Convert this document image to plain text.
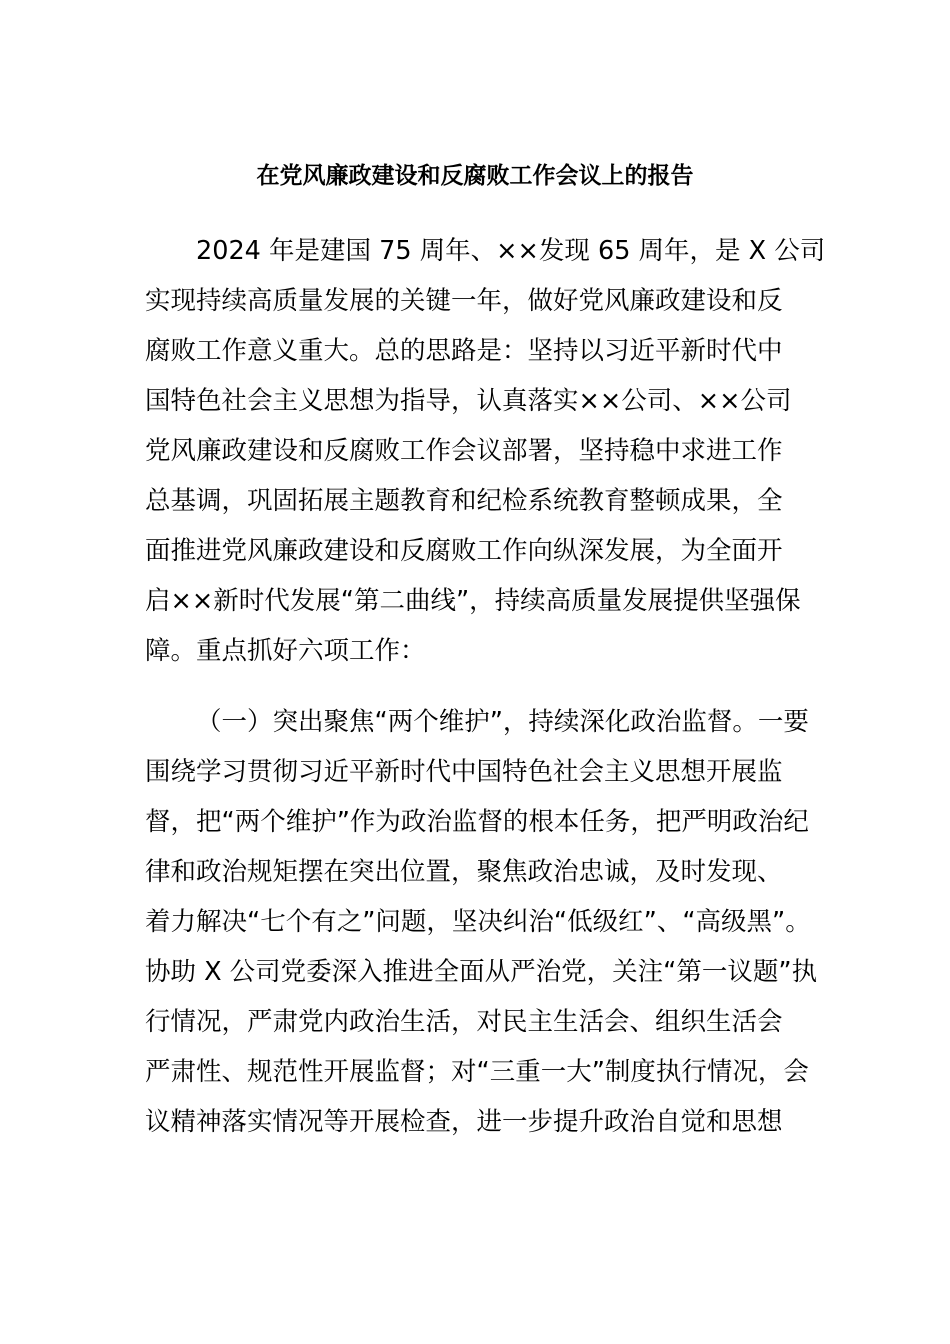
在党风廉政建设和反腐败工作会议上的报告
2024 年是建国 75 周年、××发现 65 周年，是 X 公司
实现持续高质量发展的关键一年，做好党风廉政建设和反
腐败工作意义重大。总的思路是：坚持以习近平新时代中
国特色社会主义思想为指导，认真落实××公司、××公司
党风廉政建设和反腐败工作会议部署，坚持稳中求进工作
总基调，巩固拓展主题教育和纪检系统教育整顿成果，全
面推进党风廉政建设和反腐败工作向纵深发展，为全面开
启××新时代发展“第二曲线”，持续高质量发展提供坚强保
障。重点抓好六项工作：
（一）突出聚焦“两个维护”，持续深化政治监督。一要
围绕学习贯彻习近平新时代中国特色社会主义思想开展监
督，把“两个维护”作为政治监督的根本任务，把严明政治纪
律和政治规矩摆在突出位置，聚焦政治忠诚，及时发现、
着力解决“七个有之”问题，坚决纠治“低级红”、“高级黑”。
协助 X 公司党委深入推进全面从严治党，关注“第一议题”执
行情况，严肃党内政治生活，对民主生活会、组织生活会
严肃性、规范性开展监督；对“三重一大”制度执行情况，会
议精神落实情况等开展检查，进一步提升政治自觉和思想
